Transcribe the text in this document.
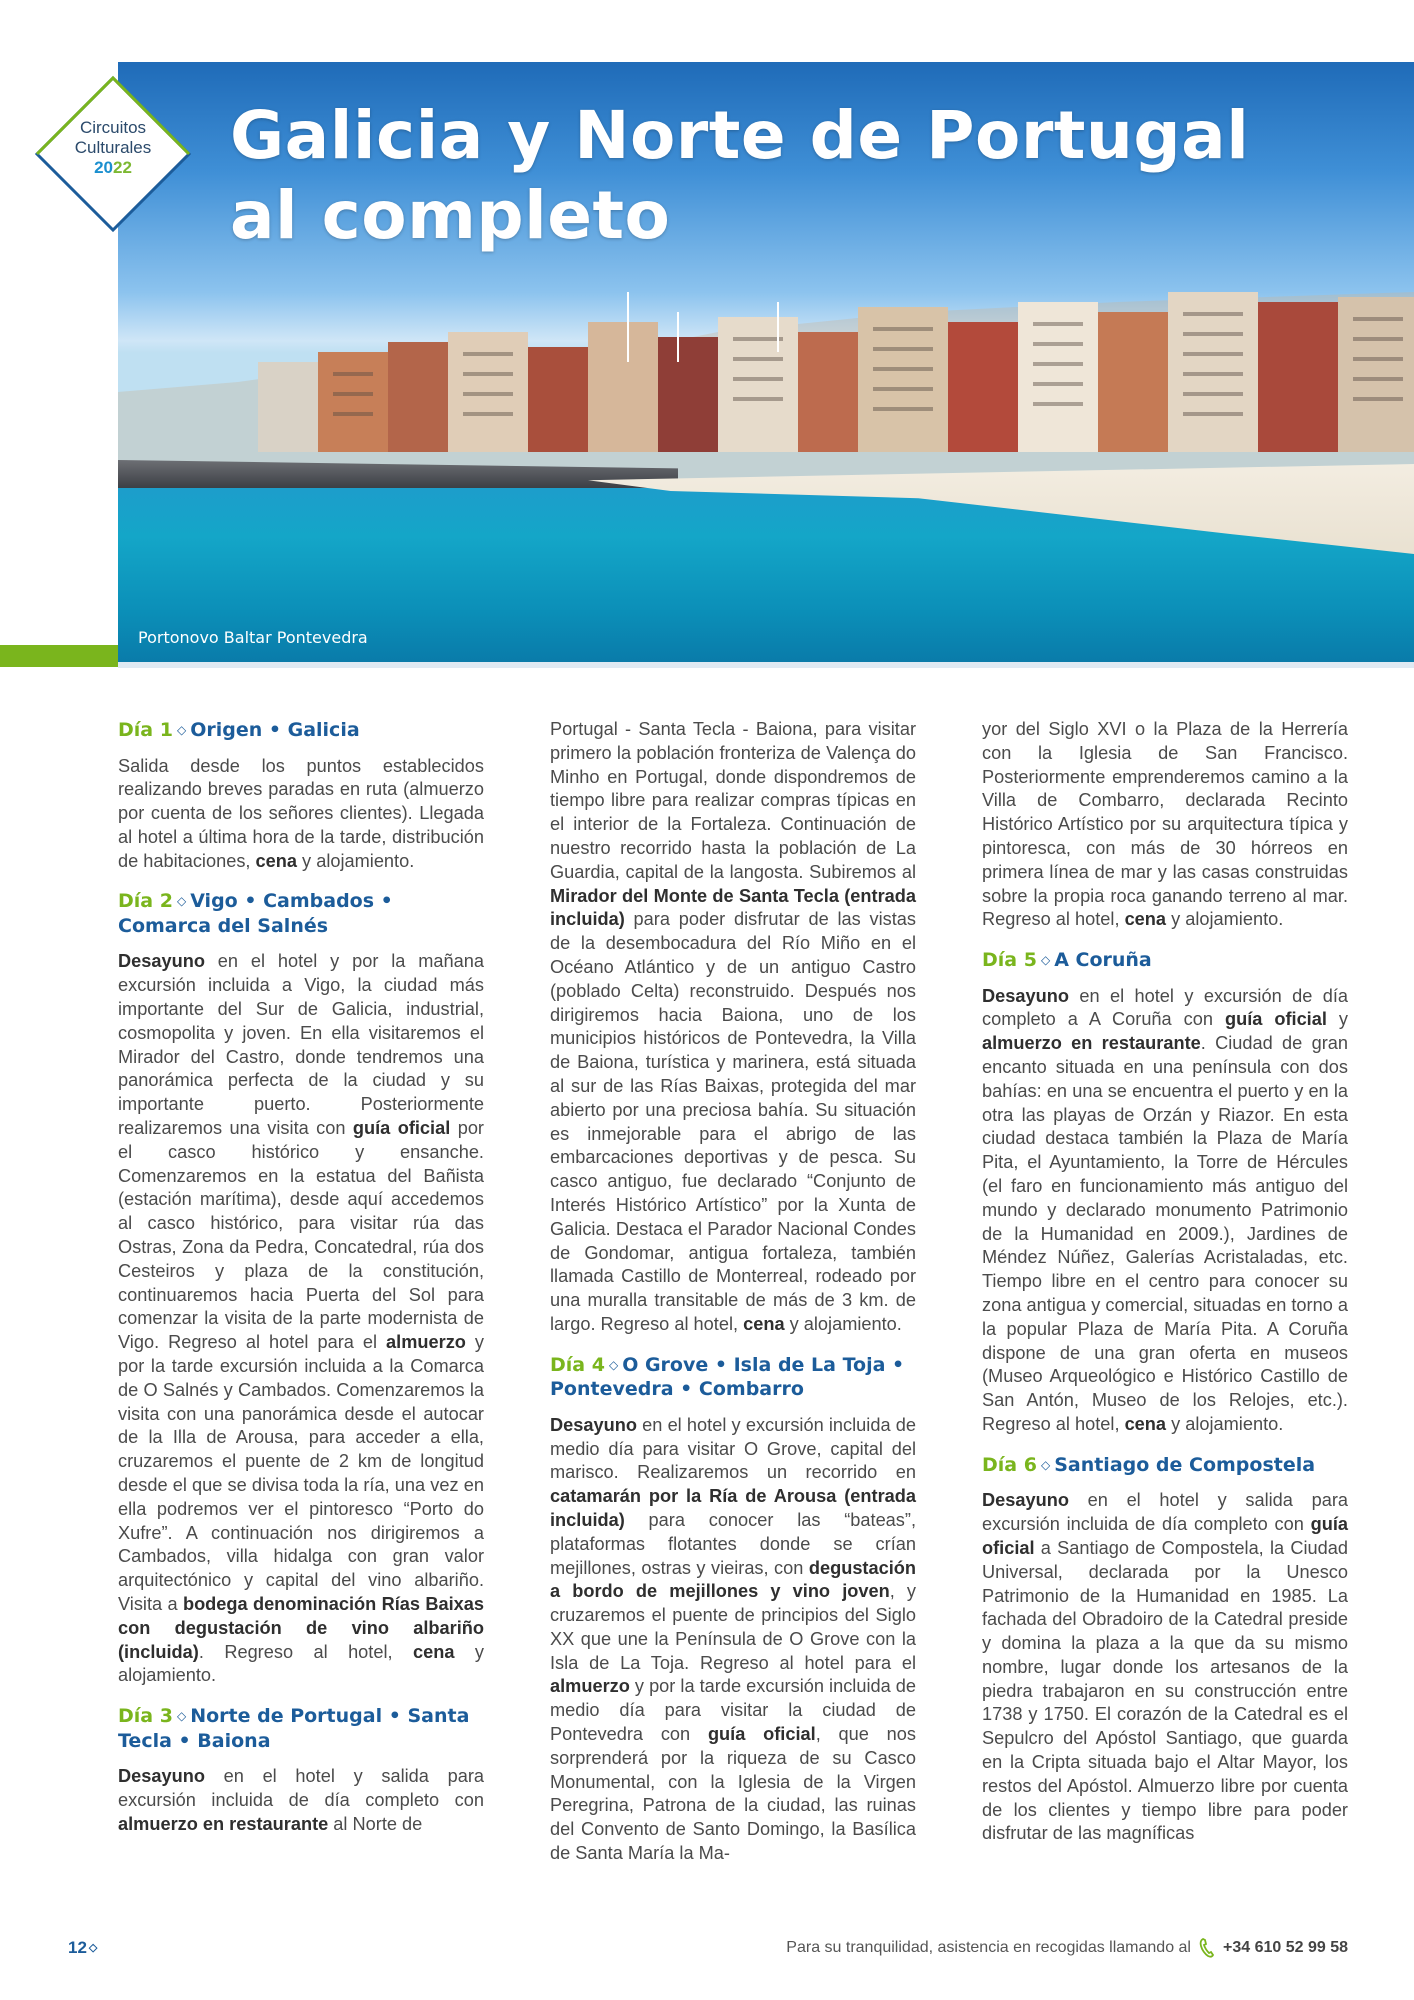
Portonovo Baltar Pontevedra
Galicia y Norte de Portugal
al completo
Circuitos
Culturales
2022
Día 1 ◇ Origen • Galicia

Salida desde los puntos establecidos realizando breves paradas en ruta (almuerzo por cuenta de los señores clientes). Llegada al hotel a última hora de la tarde, distribución de habitaciones, cena y alojamiento.

Día 2 ◇ Vigo • Cambados •
Comarca del Salnés

Desayuno en el hotel y por la mañana excursión incluida a Vigo, la ciudad más importante del Sur de Galicia, industrial, cosmopolita y joven. En ella visitaremos el Mirador del Castro, donde tendremos una panorámica perfecta de la ciudad y su importante puerto. Posteriormente realizaremos una visita con guía oficial por el casco histórico y ensanche. Comenzaremos en la estatua del Bañista (estación marítima), desde aquí accedemos al casco histórico, para visitar rúa das Ostras, Zona da Pedra, Concatedral, rúa dos Cesteiros y plaza de la constitución, continuaremos hacia Puerta del Sol para comenzar la visita de la parte modernista de Vigo. Regreso al hotel para el almuerzo y por la tarde excursión incluida a la Comarca de O Salnés y Cambados. Comenzaremos la visita con una panorámica desde el autocar de la Illa de Arousa, para acceder a ella, cruzaremos el puente de 2 km de longitud desde el que se divisa toda la ría, una vez en ella podremos ver el pintoresco “Porto do Xufre”. A continuación nos dirigiremos a Cambados, villa hidalga con gran valor arquitectónico y capital del vino albariño. Visita a bodega denominación Rías Baixas con degustación de vino albariño (incluida). Regreso al hotel, cena y alojamiento.

Día 3 ◇ Norte de Portugal • Santa
Tecla • Baiona

Desayuno en el hotel y salida para excursión incluida de día completo con almuerzo en restaurante al Norte de

Portugal - Santa Tecla - Baiona, para visitar primero la población fronteriza de Valença do Minho en Portugal, donde dispondremos de tiempo libre para realizar compras típicas en el interior de la Fortaleza. Continuación de nuestro recorrido hasta la población de La Guardia, capital de la langosta. Subiremos al Mirador del Monte de Santa Tecla (entrada incluida) para poder disfrutar de las vistas de la desembocadura del Río Miño en el Océano Atlántico y de un antiguo Castro (poblado Celta) reconstruido. Después nos dirigiremos hacia Baiona, uno de los municipios históricos de Pontevedra, la Villa de Baiona, turística y marinera, está situada al sur de las Rías Baixas, protegida del mar abierto por una preciosa bahía. Su situación es inmejorable para el abrigo de las embarcaciones deportivas y de pesca. Su casco antiguo, fue declarado “Conjunto de Interés Histórico Artístico” por la Xunta de Galicia. Destaca el Parador Nacional Condes de Gondomar, antigua fortaleza, también llamada Castillo de Monterreal, rodeado por una muralla transitable de más de 3 km. de largo. Regreso al hotel, cena y alojamiento.

Día 4 ◇ O Grove • Isla de La Toja •
Pontevedra • Combarro

Desayuno en el hotel y excursión incluida de medio día para visitar O Grove, capital del marisco. Realizaremos un recorrido en catamarán por la Ría de Arousa (entrada incluida) para conocer las “bateas”, plataformas flotantes donde se crían mejillones, ostras y vieiras, con degustación a bordo de mejillones y vino joven, y cruzaremos el puente de principios del Siglo XX que une la Península de O Grove con la Isla de La Toja. Regreso al hotel para el almuerzo y por la tarde excursión incluida de medio día para visitar la ciudad de Pontevedra con guía oficial, que nos sorprenderá por la riqueza de su Casco Monumental, con la Iglesia de la Virgen Peregrina, Patrona de la ciudad, las ruinas del Convento de Santo Domingo, la Basílica de Santa María la Ma-

yor del Siglo XVI o la Plaza de la Herrería con la Iglesia de San Francisco. Posteriormente emprenderemos camino a la Villa de Combarro, declarada Recinto Histórico Artístico por su arquitectura típica y pintoresca, con más de 30 hórreos en primera línea de mar y las casas construidas sobre la propia roca ganando terreno al mar. Regreso al hotel, cena y alojamiento.

Día 5 ◇ A Coruña

Desayuno en el hotel y excursión de día completo a A Coruña con guía oficial y almuerzo en restaurante. Ciudad de gran encanto situada en una península con dos bahías: en una se encuentra el puerto y en la otra las playas de Orzán y Riazor. En esta ciudad destaca también la Plaza de María Pita, el Ayuntamiento, la Torre de Hércules (el faro en funcionamiento más antiguo del mundo y declarado monumento Patrimonio de la Humanidad en 2009.), Jardines de Méndez Núñez, Galerías Acristaladas, etc. Tiempo libre en el centro para conocer su zona antigua y comercial, situadas en torno a la popular Plaza de María Pita. A Coruña dispone de una gran oferta en museos (Museo Arqueológico e Histórico Castillo de San Antón, Museo de los Relojes, etc.). Regreso al hotel, cena y alojamiento.

Día 6 ◇ Santiago de Compostela

Desayuno en el hotel y salida para excursión incluida de día completo con guía oficial a Santiago de Compostela, la Ciudad Universal, declarada por la Unesco Patrimonio de la Humanidad en 1985. La fachada del Obradoiro de la Catedral preside y domina la plaza a la que da su mismo nombre, lugar donde los artesanos de la piedra trabajaron en su construcción entre 1738 y 1750. El corazón de la Catedral es el Sepulcro del Apóstol Santiago, que guarda en la Cripta situada bajo el Altar Mayor, los restos del Apóstol. Almuerzo libre por cuenta de los clientes y tiempo libre para poder disfrutar de las magníficas

12 ◇	Para su tranquilidad, asistencia en recogidas llamando al +34 610 52 99 58
